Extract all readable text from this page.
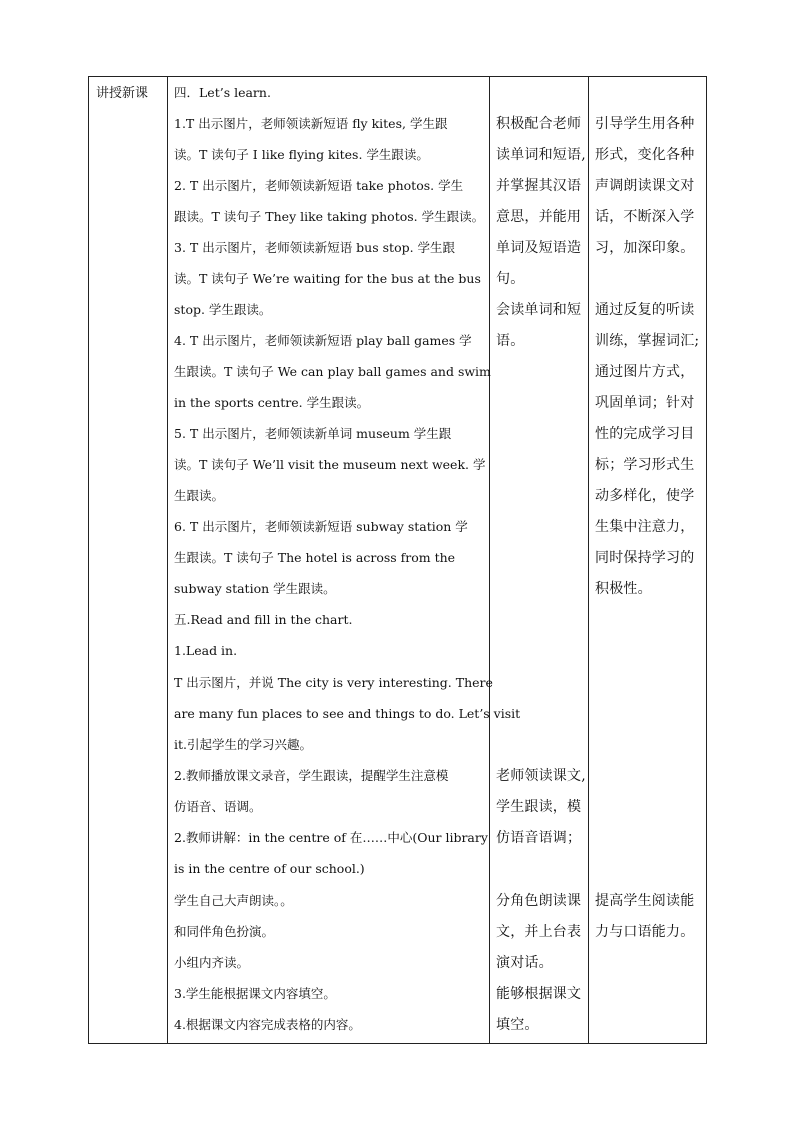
讲授新课	四．Let’s learn.
1.T 出示图片，老师领读新短语 fly kites, 学生跟
读。T 读句子 I like flying kites. 学生跟读。
2. T 出示图片，老师领读新短语 take photos. 学生
跟读。T 读句子 They like taking photos. 学生跟读。
3. T 出示图片，老师领读新短语 bus stop. 学生跟
读。T 读句子 We’re waiting for the bus at the bus
stop. 学生跟读。
4. T 出示图片，老师领读新短语 play ball games 学
生跟读。T 读句子 We can play ball games and swim
in the sports centre. 学生跟读。
5. T 出示图片，老师领读新单词 museum 学生跟
读。T 读句子 We’ll visit the museum next week. 学
生跟读。
6. T 出示图片，老师领读新短语 subway station 学
生跟读。T 读句子 The hotel is across from the
subway station 学生跟读。
五.Read and fill in the chart.
1.Lead in.
T 出示图片，并说 The city is very interesting. There
are many fun places to see and things to do. Let’s visit
it.引起学生的学习兴趣。
2.教师播放课文录音，学生跟读，提醒学生注意模
仿语音、语调。
2.教师讲解：in the centre of 在……中心(Our library
is in the centre of our school.)
学生自己大声朗读。。
和同伴角色扮演。
小组内齐读。
3.学生能根据课文内容填空。
4.根据课文内容完成表格的内容。
积极配合老师
读单词和短语,
并掌握其汉语
意思，并能用
单词及短语造
句。
会读单词和短
语。
老师领读课文,
学生跟读，模
仿语音语调；
分角色朗读课
文，并上台表
演对话。
能够根据课文
填空。
引导学生用各种
形式，变化各种
声调朗读课文对
话，不断深入学
习，加深印象。
通过反复的听读
训练，掌握词汇;
通过图片方式，
巩固单词；针对
性的完成学习目
标；学习形式生
动多样化，使学
生集中注意力，
同时保持学习的
积极性。
提高学生阅读能
力与口语能力。
